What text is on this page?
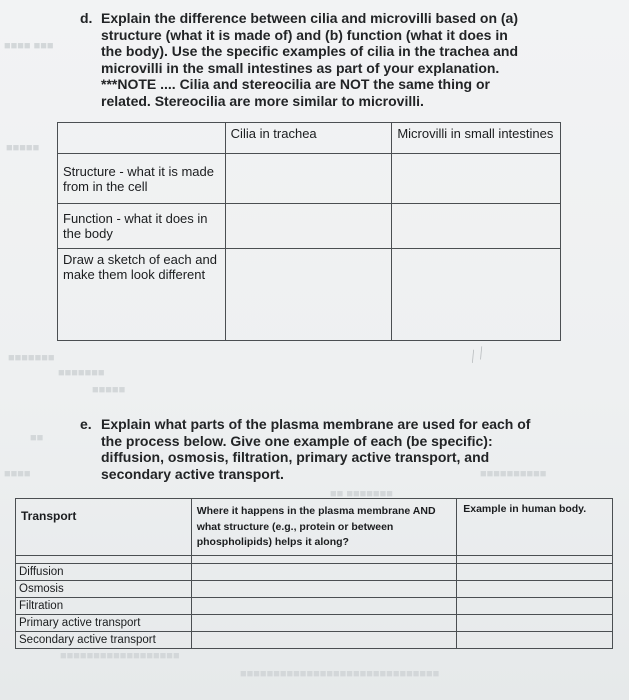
■■■■ ■■■
■■■■■
■■■■■■■
■■■■■■■
■■■■■
■■
■■■■
■■ ■■■■■■■
■■■■■■■■■■
■■■■■■■■■■■■■■■■■■
■■■■■■■■■■■■■■■■■■■■■■■■■■■■■■
d. Explain the difference between cilia and microvilli based on (a)

structure (what it is made of) and (b) function (what it does in

the body). Use the specific examples of cilia in the trachea and

microvilli in the small intestines as part of your explanation.

***NOTE .... Cilia and stereocilia are NOT the same thing or

related. Stereocilia are more similar to microvilli.

	Cilia in trachea	Microvilli in small intestines
Structure - what it is made from in the cell		
Function - what it does in the body		
Draw a sketch of each and make them look different		
╱ ╱
e. Explain what parts of the plasma membrane are used for each of

the process below. Give one example of each (be specific):

diffusion, osmosis, filtration, primary active transport, and

secondary active transport.

Transport	Where it happens in the plasma membrane AND what structure (e.g., protein or between phospholipids) helps it along?	Example in human body.

Diffusion		
Osmosis		
Filtration		
Primary active transport		
Secondary active transport		
